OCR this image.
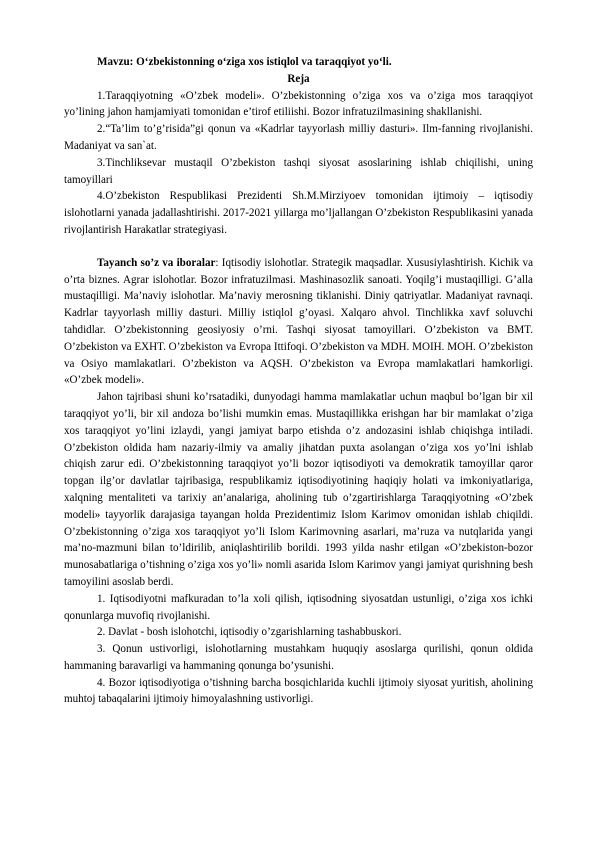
Mavzu: O‘zbekistonning o‘ziga xos istiqlol va taraqqiyot yo‘li.
Reja

1.Taraqqiyotning «O’zbek modeli». O’zbekistonning o’ziga xos va o’ziga mos taraqqiyot yo’lining jahon hamjamiyati tomonidan e’tirof etiliishi. Bozor infratuzilmasining shakllanishi.

2.“Ta’lim to’g’risida”gi qonun va «Kadrlar tayyorlash milliy dasturi». Ilm-fanning rivojlanishi. Madaniyat va san`at.

3.Tinchliksevar mustaqil O’zbekiston tashqi siyosat asoslarining ishlab chiqilishi, uning tamoyillari

4.O’zbekiston Respublikasi Prezidenti Sh.M.Mirziyoev tomonidan ijtimoiy – iqtisodiy islohotlarni yanada jadallashtirishi. 2017-2021 yillarga mo’ljallangan O’zbekiston Respublikasini yanada rivojlantirish Harakatlar strategiyasi.

Tayanch so’z va iboralar: Iqtisodiy islohotlar. Strategik maqsadlar. Xususiylashtirish. Kichik va o’rta biznes. Agrar islohotlar. Bozor infratuzilmasi. Mashinasozlik sanoati. Yoqilg’i mustaqilligi. G’alla mustaqilligi. Ma’naviy islohotlar. Ma’naviy merosning tiklanishi. Diniy qatriyatlar. Madaniyat ravnaqi. Kadrlar tayyorlash milliy dasturi. Milliy istiqlol g’oyasi. Xalqaro ahvol. Tinchlikka xavf soluvchi tahdidlar. O’zbekistonning geosiyosiy o’rni. Tashqi siyosat tamoyillari. O’zbekiston va BMT. O’zbekiston va EXHT. O’zbekiston va Evropa Ittifoqi. O’zbekiston va MDH. MOIH. MOH. O’zbekiston va Osiyo mamlakatlari. O’zbekiston va AQSH. O’zbekiston va Evropa mamlakatlari hamkorligi. «O’zbek modeli».

Jahon tajribasi shuni ko’rsatadiki, dunyodagi hamma mamlakatlar uchun maqbul bo’lgan bir xil taraqqiyot yo’li, bir xil andoza bo’lishi mumkin emas. Mustaqillikka erishgan har bir mamlakat o’ziga xos taraqqiyot yo’lini izlaydi, yangi jamiyat barpo etishda o’z andozasini ishlab chiqishga intiladi. O’zbekiston oldida ham nazariy-ilmiy va amaliy jihatdan puxta asolangan o’ziga xos yo’lni ishlab chiqish zarur edi. O’zbekistonning taraqqiyot yo’li bozor iqtisodiyoti va demokratik tamoyillar qaror topgan ilg’or davlatlar tajribasiga, respublikamiz iqtisodiyotining haqiqiy holati va imkoniyatlariga, xalqning mentaliteti va tarixiy an’analariga, aholining tub o’zgartirishlarga Taraqqiyotning «O’zbek modeli» tayyorlik darajasiga tayangan holda Prezidentimiz Islom Karimov omonidan ishlab chiqildi. O’zbekistonning o’ziga xos taraqqiyot yo’li Islom Karimovning asarlari, ma’ruza va nutqlarida yangi ma’no-mazmuni bilan to’ldirilib, aniqlashtirilib borildi. 1993 yilda nashr etilgan «O’zbekiston-bozor munosabatlariga o’tishning o’ziga xos yo’li» nomli asarida Islom Karimov yangi jamiyat qurishning besh tamoyilini asoslab berdi.

1. Iqtisodiyotni mafkuradan to’la xoli qilish, iqtisodning siyosatdan ustunligi, o’ziga xos ichki qonunlarga muvofiq rivojlanishi.

2. Davlat - bosh islohotchi, iqtisodiy o’zgarishlarning tashabbuskori.

3. Qonun ustivorligi, islohotlarning mustahkam huquqiy asoslarga qurilishi, qonun oldida hammaning baravarligi va hammaning qonunga bo’ysunishi.

4. Bozor iqtisodiyotiga o’tishning barcha bosqichlarida kuchli ijtimoiy siyosat yuritish, aholining muhtoj tabaqalarini ijtimoiy himoyalashning ustivorligi.
